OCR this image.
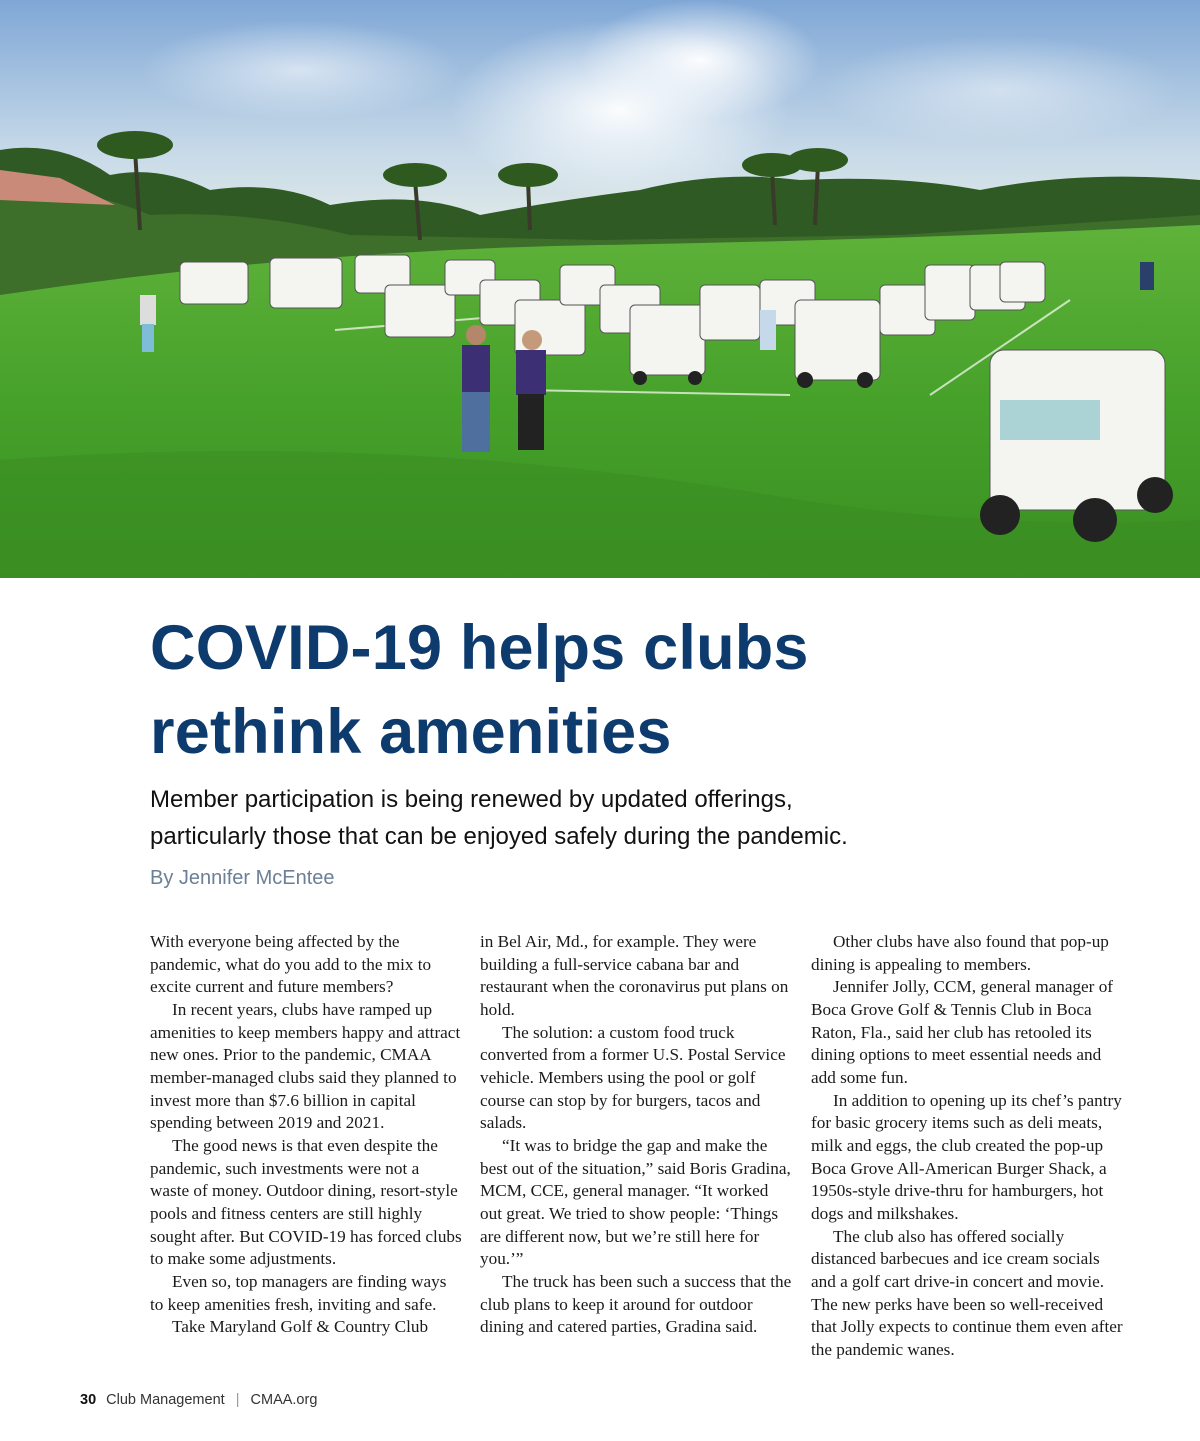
COVID-19 helps clubs
rethink amenities

Member participation is being renewed by updated offerings,
particularly those that can be enjoyed safely during the pandemic.

By Jennifer McEntee

With everyone being affected by the pandemic, what do you add to the mix to excite current and future members?

In recent years, clubs have ramped up amenities to keep members happy and attract new ones. Prior to the pandemic, CMAA member-managed clubs said they planned to invest more than $7.6 billion in capital spending between 2019 and 2021.

The good news is that even despite the pandemic, such investments were not a waste of money. Outdoor dining, resort-style pools and fitness centers are still highly sought after. But COVID-19 has forced clubs to make some adjustments.

Even so, top managers are finding ways to keep amenities fresh, inviting and safe.

Take Maryland Golf & Country Club

in Bel Air, Md., for example. They were building a full-service cabana bar and restaurant when the coronavirus put plans on hold.

The solution: a custom food truck converted from a former U.S. Postal Service vehicle. Members using the pool or golf course can stop by for burgers, tacos and salads.

“It was to bridge the gap and make the best out of the situation,” said Boris Gradina, MCM, CCE, general manager. “It worked out great. We tried to show people: ‘Things are different now, but we’re still here for you.’”

The truck has been such a success that the club plans to keep it around for outdoor dining and catered parties, Gradina said.

Other clubs have also found that pop-up dining is appealing to members.

Jennifer Jolly, CCM, general manager of Boca Grove Golf & Tennis Club in Boca Raton, Fla., said her club has retooled its dining options to meet essential needs and add some fun.

In addition to opening up its chef’s pantry for basic grocery items such as deli meats, milk and eggs, the club created the pop-up Boca Grove All-American Burger Shack, a 1950s-style drive-thru for hamburgers, hot dogs and milkshakes.

The club also has offered socially distanced barbecues and ice cream socials and a golf cart drive-in concert and movie. The new perks have been so well-received that Jolly expects to continue them even after the pandemic wanes.

30 Club Management | CMAA.org
